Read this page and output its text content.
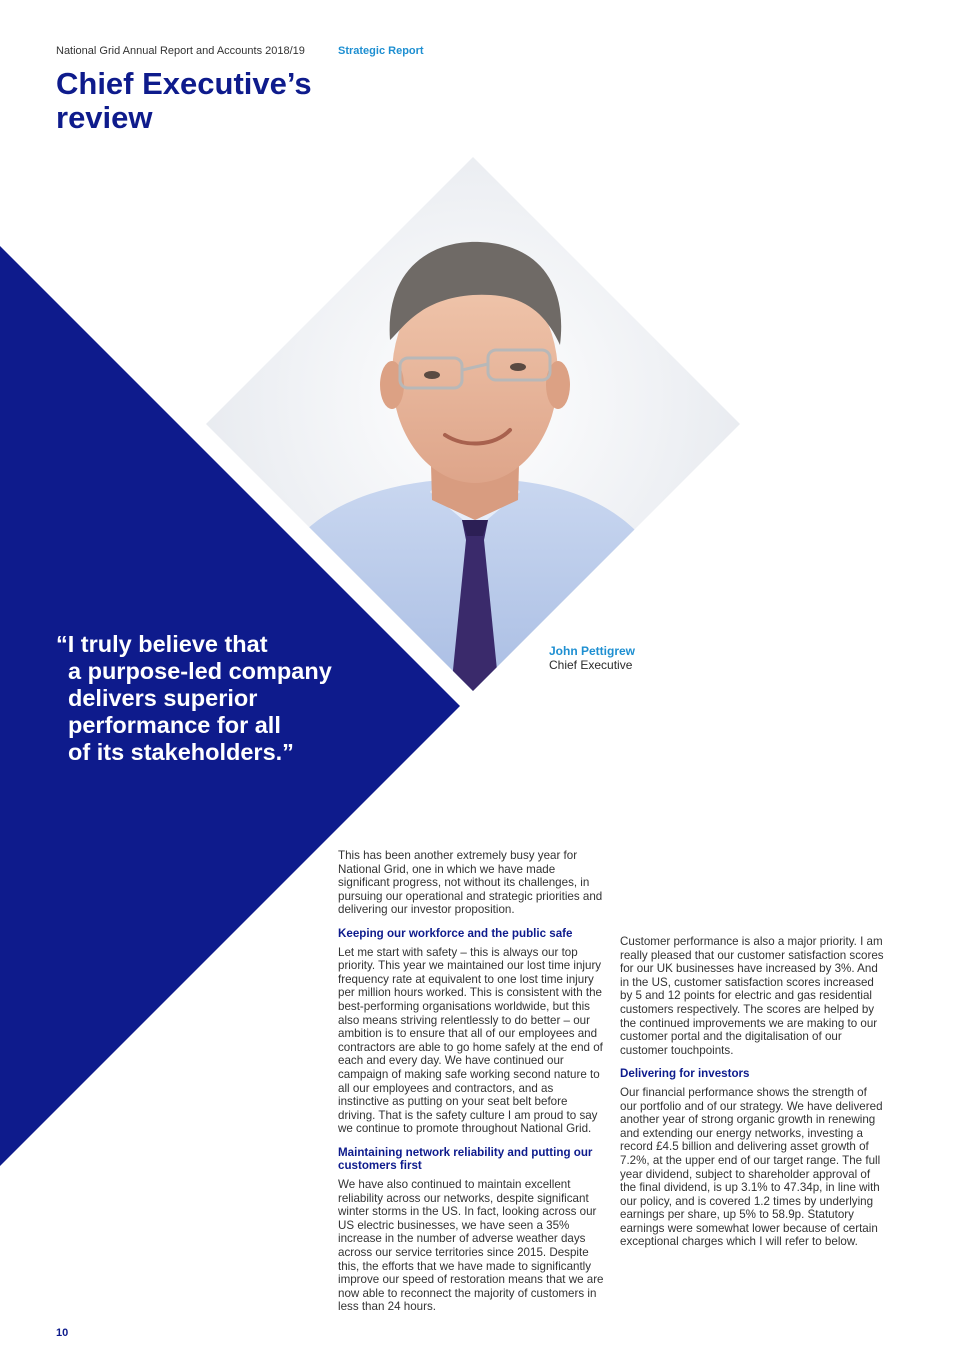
National Grid Annual Report and Accounts 2018/19	Strategic Report
Chief Executive’s
review
“I truly believe that
a purpose-led company
delivers superior
performance for all
of its stakeholders.”
John Pettigrew
Chief Executive

This has been another extremely busy year for National Grid, one in which we have made significant progress, not without its challenges, in pursuing our operational and strategic priorities and delivering our investor proposition.

Keeping our workforce and the public safe

Let me start with safety – this is always our top priority. This year we maintained our lost time injury frequency rate at equivalent to one lost time injury per million hours worked. This is consistent with the best-performing organisations worldwide, but this also means striving relentlessly to do better – our ambition is to ensure that all of our employees and contractors are able to go home safely at the end of each and every day. We have continued our campaign of making safe working second nature to all our employees and contractors, and as instinctive as putting on your seat belt before driving. That is the safety culture I am proud to say we continue to promote throughout National Grid.

Maintaining network reliability and putting our customers first

We have also continued to maintain excellent reliability across our networks, despite significant winter storms in the US. In fact, looking across our US electric businesses, we have seen a 35% increase in the number of adverse weather days across our service territories since 2015. Despite this, the efforts that we have made to significantly improve our speed of restoration means that we are now able to reconnect the majority of customers in less than 24 hours.

Customer performance is also a major priority. I am really pleased that our customer satisfaction scores for our UK businesses have increased by 3%. And in the US, customer satisfaction scores increased by 5 and 12 points for electric and gas residential customers respectively. The scores are helped by the continued improvements we are making to our customer portal and the digitalisation of our customer touchpoints.

Delivering for investors

Our financial performance shows the strength of our portfolio and of our strategy. We have delivered another year of strong organic growth in renewing and extending our energy networks, investing a record £4.5 billion and delivering asset growth of 7.2%, at the upper end of our target range. The full year dividend, subject to shareholder approval of the final dividend, is up 3.1% to 47.34p, in line with our policy, and is covered 1.2 times by underlying earnings per share, up 5% to 58.9p. Statutory earnings were somewhat lower because of certain exceptional charges which I will refer to below.

10
